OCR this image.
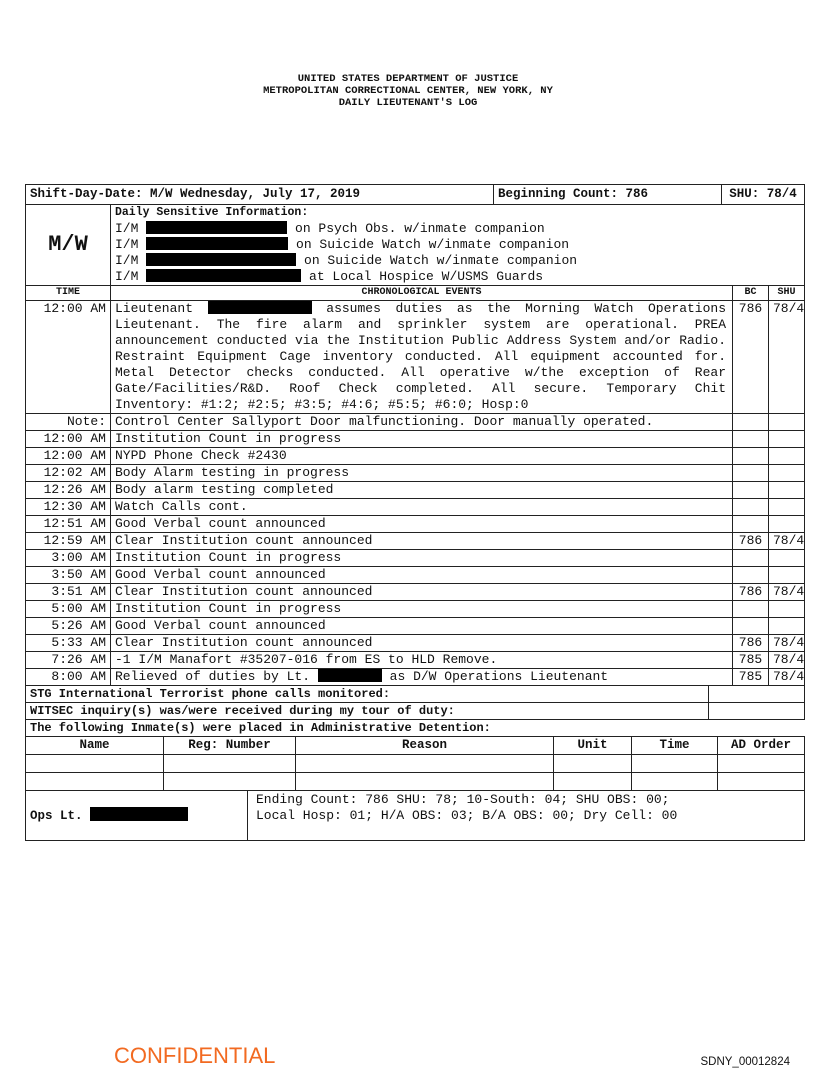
UNITED STATES DEPARTMENT OF JUSTICE
METROPOLITAN CORRECTIONAL CENTER, NEW YORK, NY
DAILY LIEUTENANT'S LOG
Shift-Day-Date: M/W Wednesday, July 17, 2019	Beginning Count: 786	SHU: 78/4
M/W	
Daily Sensitive Information:
I/M	on Psych Obs. w/inmate companion
I/M	on Suicide Watch w/inmate companion
I/M	on Suicide Watch w/inmate companion
I/M	at Local Hospice W/USMS Guards
TIME	CHRONOLOGICAL EVENTS	BC	SHU
12:00 AM	Lieutenant assumes duties as the Morning Watch Operations Lieutenant. The fire alarm and sprinkler system are operational. PREA announcement conducted via the Institution Public Address System and/or Radio. Restraint Equipment Cage inventory conducted. All equipment accounted for. Metal Detector checks conducted. All operative w/the exception of Rear Gate/Facilities/R&D. Roof Check completed. All secure. Temporary Chit Inventory: #1:2; #2:5; #3:5; #4:6; #5:5; #6:0; Hosp:0	786	78/4
Note:	Control Center Sallyport Door malfunctioning. Door manually operated.		
12:00 AM	Institution Count in progress		
12:00 AM	NYPD Phone Check #2430		
12:02 AM	Body Alarm testing in progress		
12:26 AM	Body alarm testing completed		
12:30 AM	Watch Calls cont.		
12:51 AM	Good Verbal count announced		
12:59 AM	Clear Institution count announced	786	78/4
3:00 AM	Institution Count in progress		
3:50 AM	Good Verbal count announced		
3:51 AM	Clear Institution count announced	786	78/4
5:00 AM	Institution Count in progress		
5:26 AM	Good Verbal count announced		
5:33 AM	Clear Institution count announced	786	78/4
7:26 AM	-1 I/M Manafort #35207-016 from ES to HLD Remove.	785	78/4
8:00 AM	Relieved of duties by Lt. as D/W Operations Lieutenant	785	78/4
STG International Terrorist phone calls monitored:	
WITSEC inquiry(s) was/were received during my tour of duty:	
The following Inmate(s) were placed in Administrative Detention:	
Name	Reg: Number	Reason	Unit	Time	AD Order

Ops Lt.	
Ending Count: 786 SHU: 78; 10-South: 04; SHU OBS: 00;
Local Hosp: 01; H/A OBS: 03; B/A OBS: 00; Dry Cell: 00
CONFIDENTIAL	SDNY_00012824
